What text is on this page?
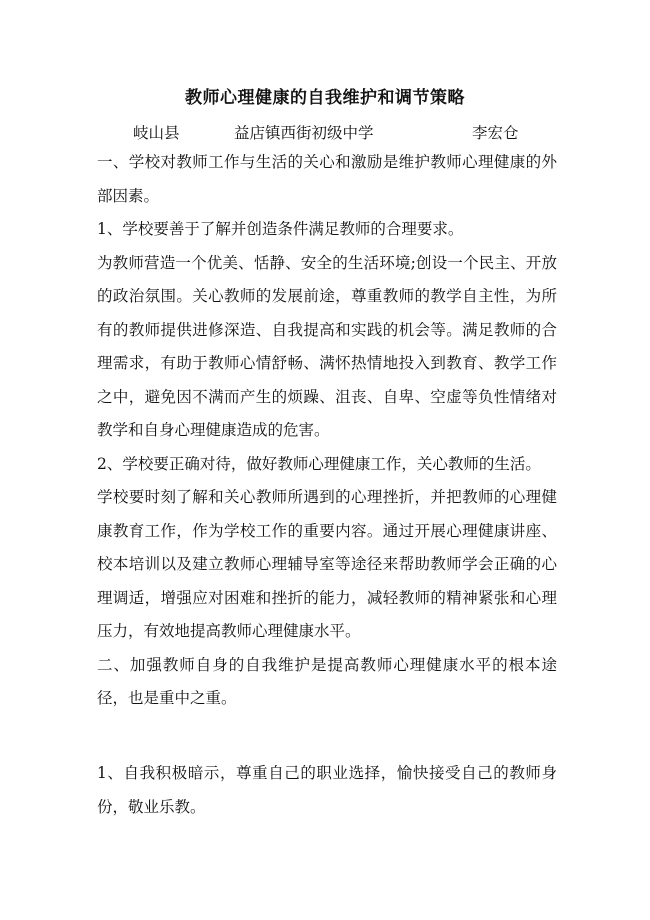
教师心理健康的自我维护和调节策略
岐山县	益店镇西街初级中学	李宏仓

一、学校对教师工作与生活的关心和激励是维护教师心理健康的外部因素。

1、学校要善于了解并创造条件满足教师的合理要求。

为教师营造一个优美、恬静、安全的生活环境;创设一个民主、开放的政治氛围。关心教师的发展前途，尊重教师的教学自主性，为所有的教师提供进修深造、自我提高和实践的机会等。满足教师的合理需求，有助于教师心情舒畅、满怀热情地投入到教育、教学工作之中，避免因不满而产生的烦躁、沮丧、自卑、空虚等负性情绪对教学和自身心理健康造成的危害。

2、学校要正确对待，做好教师心理健康工作，关心教师的生活。

学校要时刻了解和关心教师所遇到的心理挫折，并把教师的心理健康教育工作，作为学校工作的重要内容。通过开展心理健康讲座、校本培训以及建立教师心理辅导室等途径来帮助教师学会正确的心理调适，增强应对困难和挫折的能力，减轻教师的精神紧张和心理压力，有效地提高教师心理健康水平。

二、加强教师自身的自我维护是提高教师心理健康水平的根本途径，也是重中之重。

1、自我积极暗示，尊重自己的职业选择，愉快接受自己的教师身份，敬业乐教。
